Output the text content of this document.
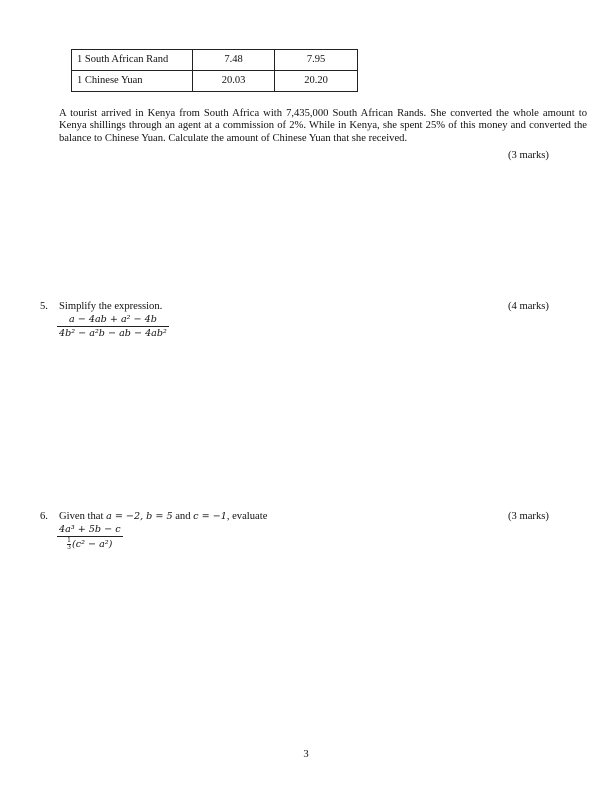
1 South African Rand	7.48	7.95
1 Chinese Yuan	20.03	20.20
A tourist arrived in Kenya from South Africa with 7,435,000 South African Rands. She converted the whole amount to Kenya shillings through an agent at a commission of 2%. While in Kenya, she spent 25% of this money and converted the balance to Chinese Yuan. Calculate the amount of Chinese Yuan that she received.
(3 marks)
5. Simplify the expression.	(4 marks)
$\frac{\text{a − 4ab + a² − 4b}}{\text{4b² − a²b − ab − 4ab²}}$
6. Given that a = −2, b = 5 and c = −1, evaluate	(3 marks)
$\frac{\text{4a³ + 5b − c}}{\frac{1}{3} (c^2 - a^2)}$
3
